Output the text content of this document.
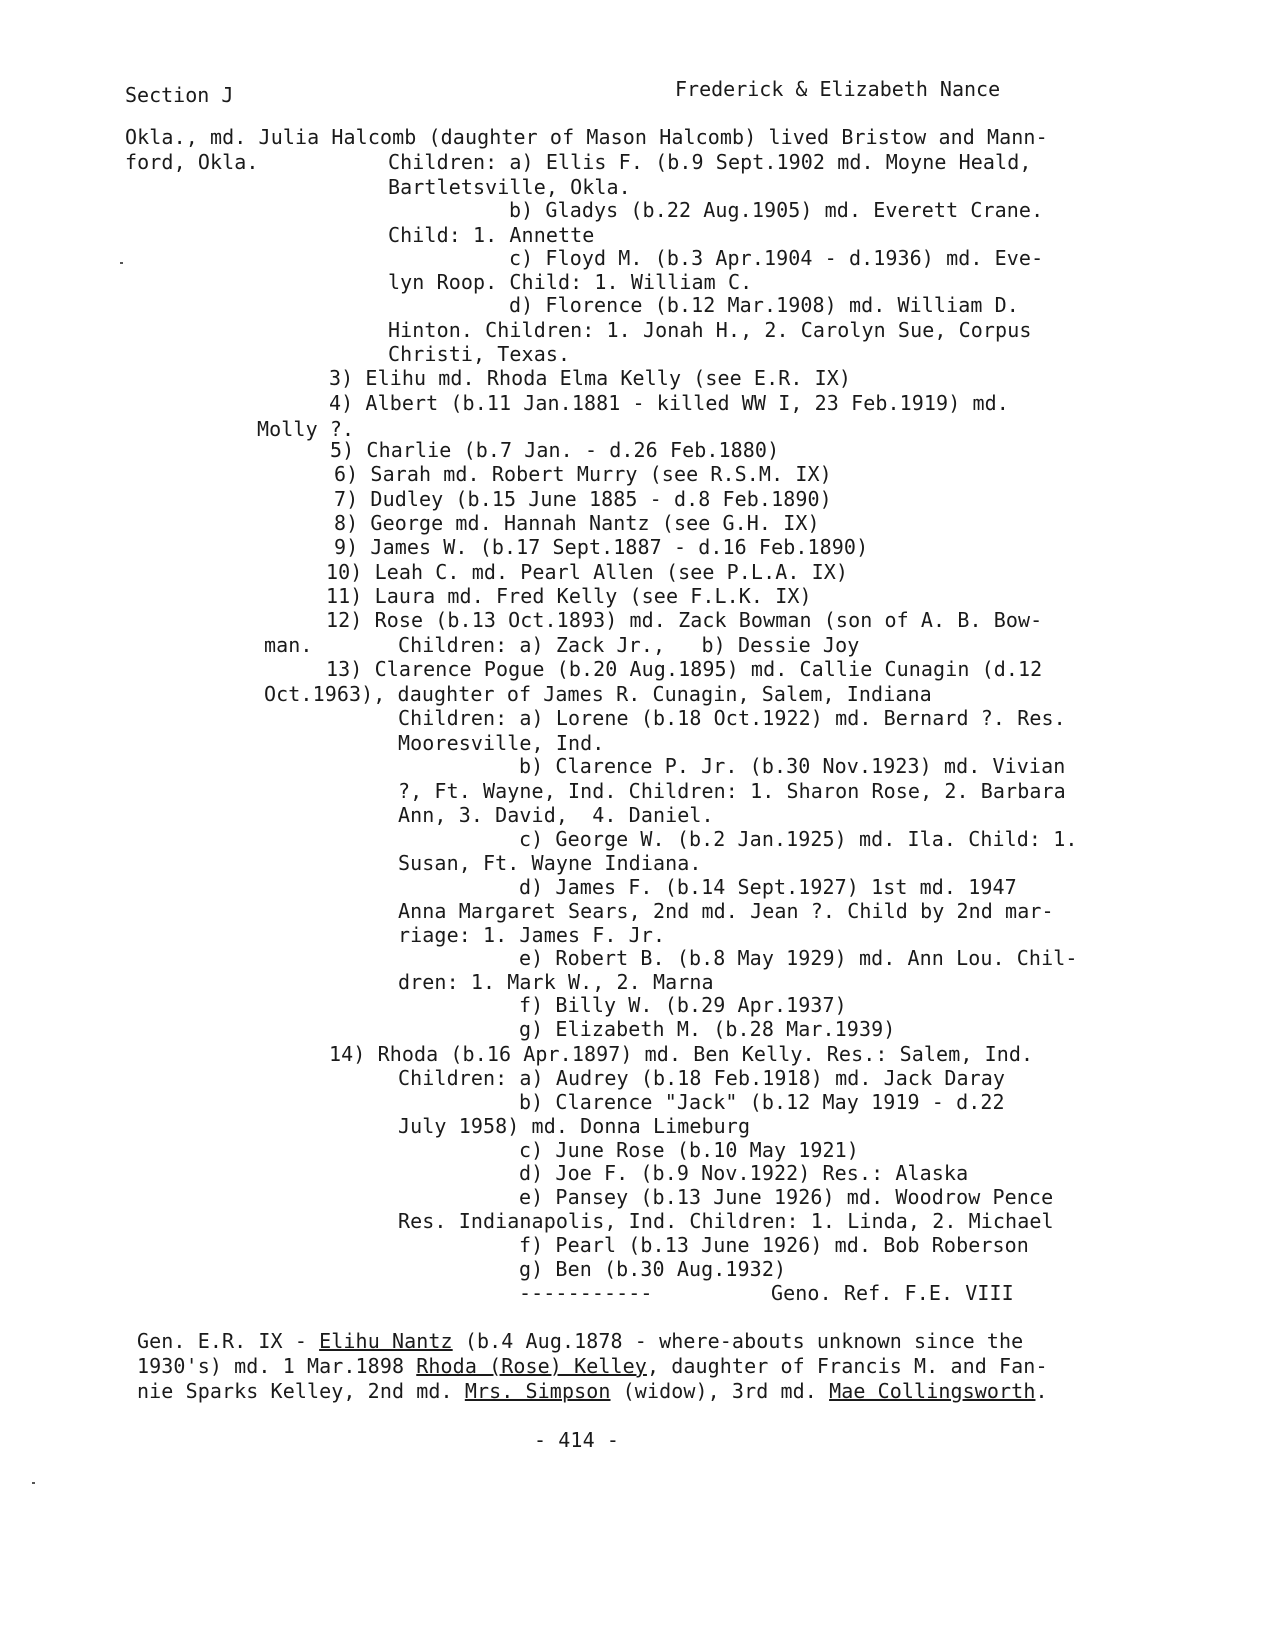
Section J	Frederick & Elizabeth Nance
Okla., md. Julia Halcomb (daughter of Mason Halcomb) lived Bristow and Mann-
ford, Okla.	Children: a) Ellis F. (b.9 Sept.1902 md. Moyne Heald,
Bartletsville, Okla.
b) Gladys (b.22 Aug.1905) md. Everett Crane.
Child: 1. Annette
c) Floyd M. (b.3 Apr.1904 - d.1936) md. Eve-
lyn Roop. Child: 1. William C.
d) Florence (b.12 Mar.1908) md. William D.
Hinton. Children: 1. Jonah H., 2. Carolyn Sue, Corpus
Christi, Texas.
3) Elihu md. Rhoda Elma Kelly (see E.R. IX)
4) Albert (b.11 Jan.1881 - killed WW I, 23 Feb.1919) md.
Molly ?.
5) Charlie (b.7 Jan. - d.26 Feb.1880)
6) Sarah md. Robert Murry (see R.S.M. IX)
7) Dudley (b.15 June 1885 - d.8 Feb.1890)
8) George md. Hannah Nantz (see G.H. IX)
9) James W. (b.17 Sept.1887 - d.16 Feb.1890)
10) Leah C. md. Pearl Allen (see P.L.A. IX)
11) Laura md. Fred Kelly (see F.L.K. IX)
12) Rose (b.13 Oct.1893) md. Zack Bowman (son of A. B. Bow-
man.	Children: a) Zack Jr.,   b) Dessie Joy
13) Clarence Pogue (b.20 Aug.1895) md. Callie Cunagin (d.12
Oct.1963), daughter of James R. Cunagin, Salem, Indiana
Children: a) Lorene (b.18 Oct.1922) md. Bernard ?. Res.
Mooresville, Ind.
b) Clarence P. Jr. (b.30 Nov.1923) md. Vivian
?, Ft. Wayne, Ind. Children: 1. Sharon Rose, 2. Barbara
Ann, 3. David,  4. Daniel.
c) George W. (b.2 Jan.1925) md. Ila. Child: 1.
Susan, Ft. Wayne Indiana.
d) James F. (b.14 Sept.1927) 1st md. 1947
Anna Margaret Sears, 2nd md. Jean ?. Child by 2nd mar-
riage: 1. James F. Jr.
e) Robert B. (b.8 May 1929) md. Ann Lou. Chil-
dren: 1. Mark W., 2. Marna
f) Billy W. (b.29 Apr.1937)
g) Elizabeth M. (b.28 Mar.1939)
14) Rhoda (b.16 Apr.1897) md. Ben Kelly. Res.: Salem, Ind.
Children: a) Audrey (b.18 Feb.1918) md. Jack Daray
b) Clarence "Jack" (b.12 May 1919 - d.22
July 1958) md. Donna Limeburg
c) June Rose (b.10 May 1921)
d) Joe F. (b.9 Nov.1922) Res.: Alaska
e) Pansey (b.13 June 1926) md. Woodrow Pence
Res. Indianapolis, Ind. Children: 1. Linda, 2. Michael
f) Pearl (b.13 June 1926) md. Bob Roberson
g) Ben (b.30 Aug.1932)
-----------	Geno. Ref. F.E. VIII
Gen. E.R. IX - Elihu Nantz (b.4 Aug.1878 - where-abouts unknown since the
1930's) md. 1 Mar.1898 Rhoda (Rose) Kelley, daughter of Francis M. and Fan-
nie Sparks Kelley, 2nd md. Mrs. Simpson (widow), 3rd md. Mae Collingsworth.
- 414 -
